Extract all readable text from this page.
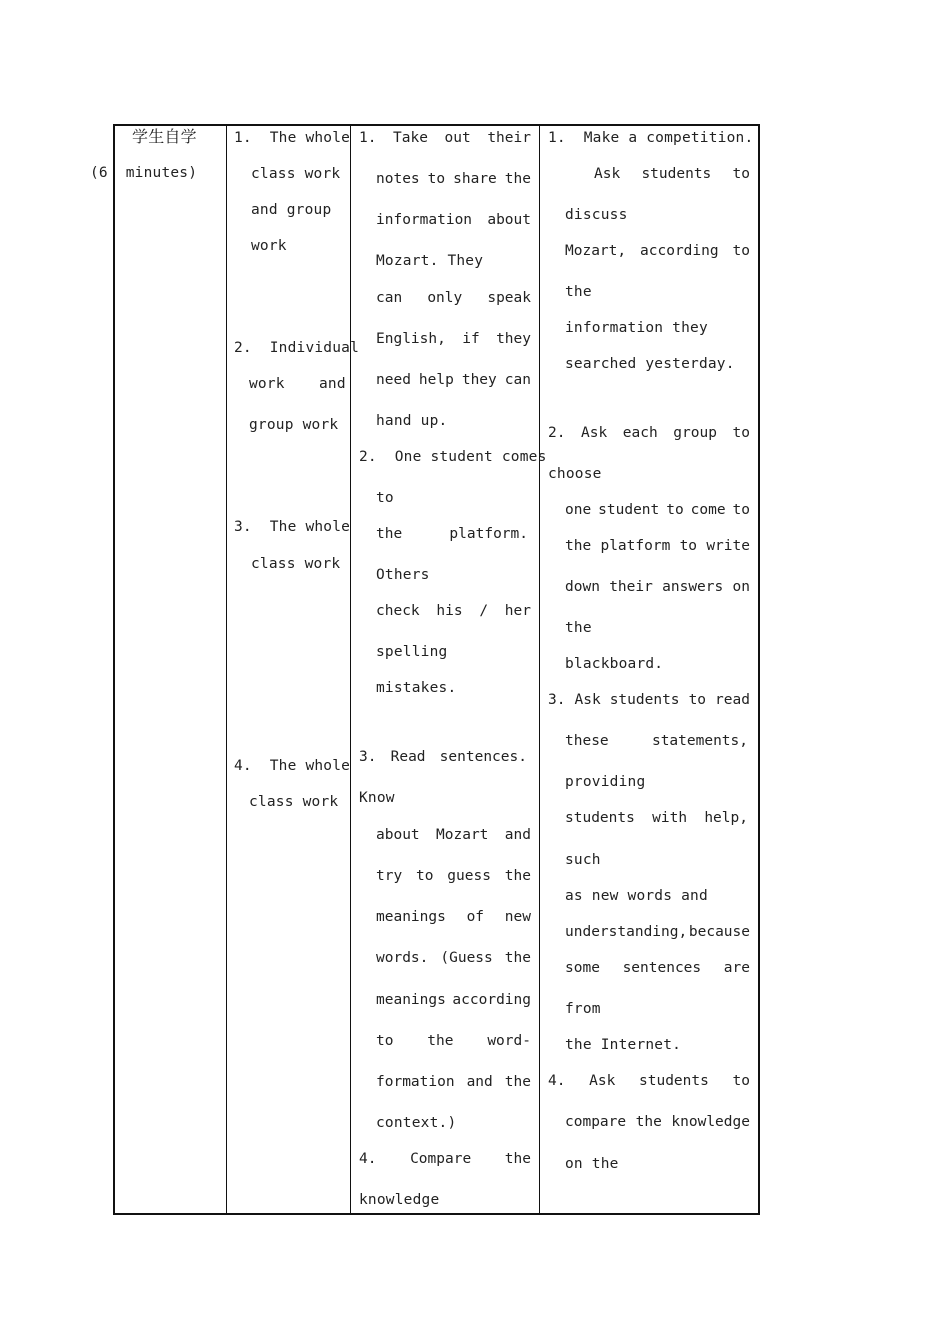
学生自学
(6  minutes)
1.  The whole
class work
and group
work
2.  Individual
work and
group work
3.  The whole
class work
4.  The whole
class work
1. Take out their
notes to share the
information about
Mozart. They
can only speak
English, if they
need help they can
hand up.
2.  One student comes
to
the	platform.
Others
check his / her
spelling
mistakes.
3. Read sentences.
Know
about Mozart and
try to guess the
meanings of new
words. (Guess the
meanings according
to the word-
formation and the
context.)
4. Compare the
knowledge
1.  Make a competition.
Ask students to
discuss
Mozart, according to
the
information they
searched yesterday.
2. Ask each group to
choose
one student to come to
the platform to write
down their answers on
the
blackboard.
3. Ask students to read
these	statements,
providing
students with help,
such
as new words and
understanding, because
some sentences are
from
the Internet.
4. Ask students to
compare the knowledge
on the
